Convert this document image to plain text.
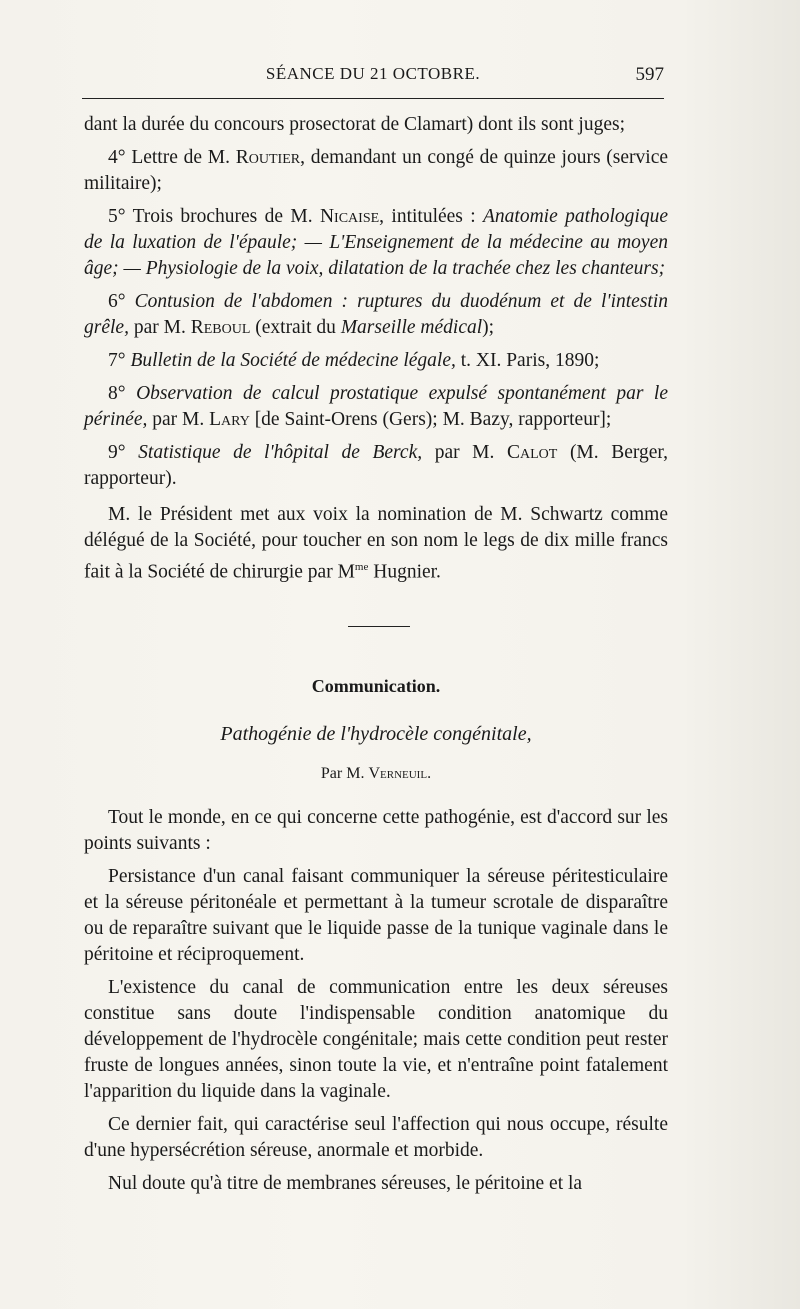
SÉANCE DU 21 OCTOBRE.	597

dant la durée du concours prosectorat de Clamart) dont ils sont juges;

4° Lettre de M. Routier, demandant un congé de quinze jours (service militaire);

5° Trois brochures de M. Nicaise, intitulées : Anatomie pathologique de la luxation de l'épaule; — L'Enseignement de la médecine au moyen âge; — Physiologie de la voix, dilatation de la trachée chez les chanteurs;

6° Contusion de l'abdomen : ruptures du duodénum et de l'intestin grêle, par M. Reboul (extrait du Marseille médical);

7° Bulletin de la Société de médecine légale, t. XI. Paris, 1890;

8° Observation de calcul prostatique expulsé spontanément par le périnée, par M. Lary [de Saint-Orens (Gers); M. Bazy, rapporteur];

9° Statistique de l'hôpital de Berck, par M. Calot (M. Berger, rapporteur).

M. le Président met aux voix la nomination de M. Schwartz comme délégué de la Société, pour toucher en son nom le legs de dix mille francs fait à la Société de chirurgie par $M^{me}$ Hugnier.

Communication.
Pathogénie de l'hydrocèle congénitale,
Par M. Verneuil.

Tout le monde, en ce qui concerne cette pathogénie, est d'accord sur les points suivants :

Persistance d'un canal faisant communiquer la séreuse péritesticulaire et la séreuse péritonéale et permettant à la tumeur scrotale de disparaître ou de reparaître suivant que le liquide passe de la tunique vaginale dans le péritoine et réciproquement.

L'existence du canal de communication entre les deux séreuses constitue sans doute l'indispensable condition anatomique du développement de l'hydrocèle congénitale; mais cette condition peut rester fruste de longues années, sinon toute la vie, et n'entraîne point fatalement l'apparition du liquide dans la vaginale.

Ce dernier fait, qui caractérise seul l'affection qui nous occupe, résulte d'une hypersécrétion séreuse, anormale et morbide.

Nul doute qu'à titre de membranes séreuses, le péritoine et la
